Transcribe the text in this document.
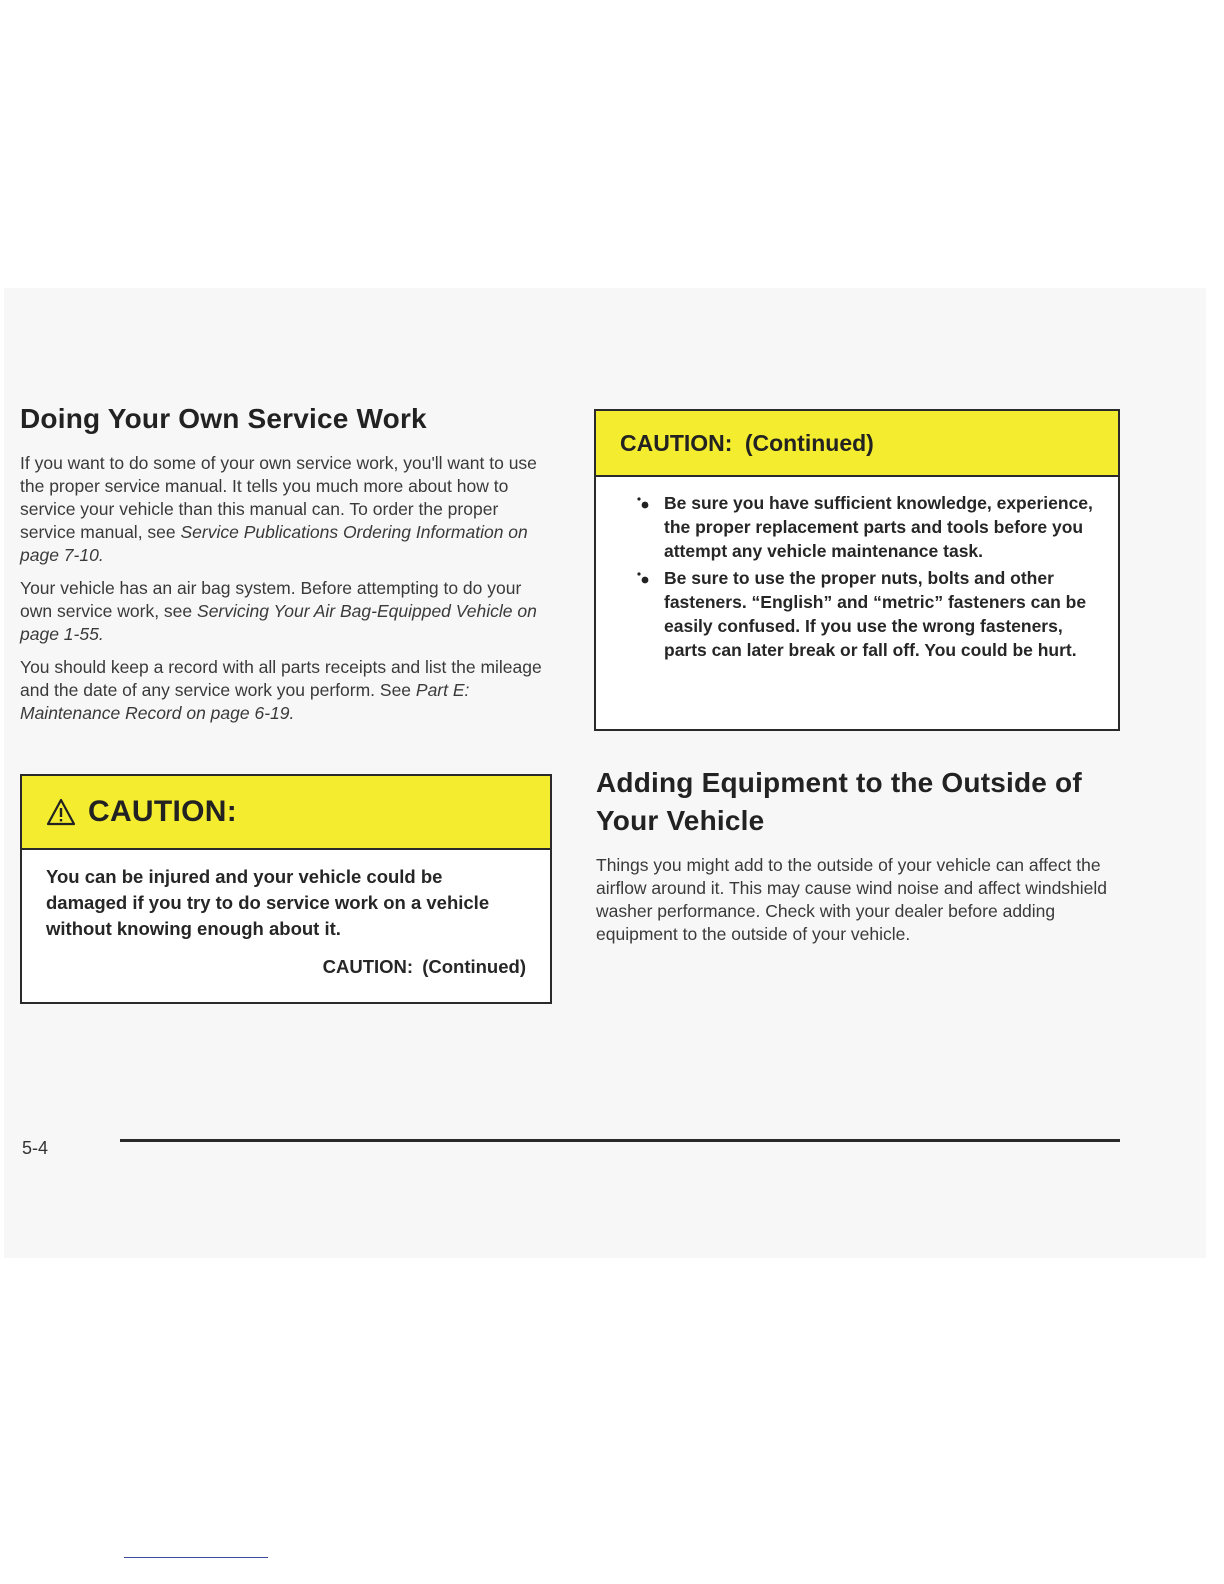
Doing Your Own Service Work

If you want to do some of your own service work, you'll want to use the proper service manual. It tells you much more about how to service your vehicle than this manual can. To order the proper service manual, see Service Publications Ordering Information on page 7-10.

Your vehicle has an air bag system. Before attempting to do your own service work, see Servicing Your Air Bag-Equipped Vehicle on page 1-55.

You should keep a record with all parts receipts and list the mileage and the date of any service work you perform. See Part E: Maintenance Record on page 6-19.

CAUTION:
You can be injured and your vehicle could be damaged if you try to do service work on a vehicle without knowing enough about it.
CAUTION: (Continued)
CAUTION: (Continued)
Be sure you have sufficient knowledge, experience, the proper replacement parts and tools before you attempt any vehicle maintenance task.
Be sure to use the proper nuts, bolts and other fasteners. “English” and “metric” fasteners can be easily confused. If you use the wrong fasteners, parts can later break or fall off. You could be hurt.
Adding Equipment to the Outside of Your Vehicle

Things you might add to the outside of your vehicle can affect the airflow around it. This may cause wind noise and affect windshield washer performance. Check with your dealer before adding equipment to the outside of your vehicle.

5-4
